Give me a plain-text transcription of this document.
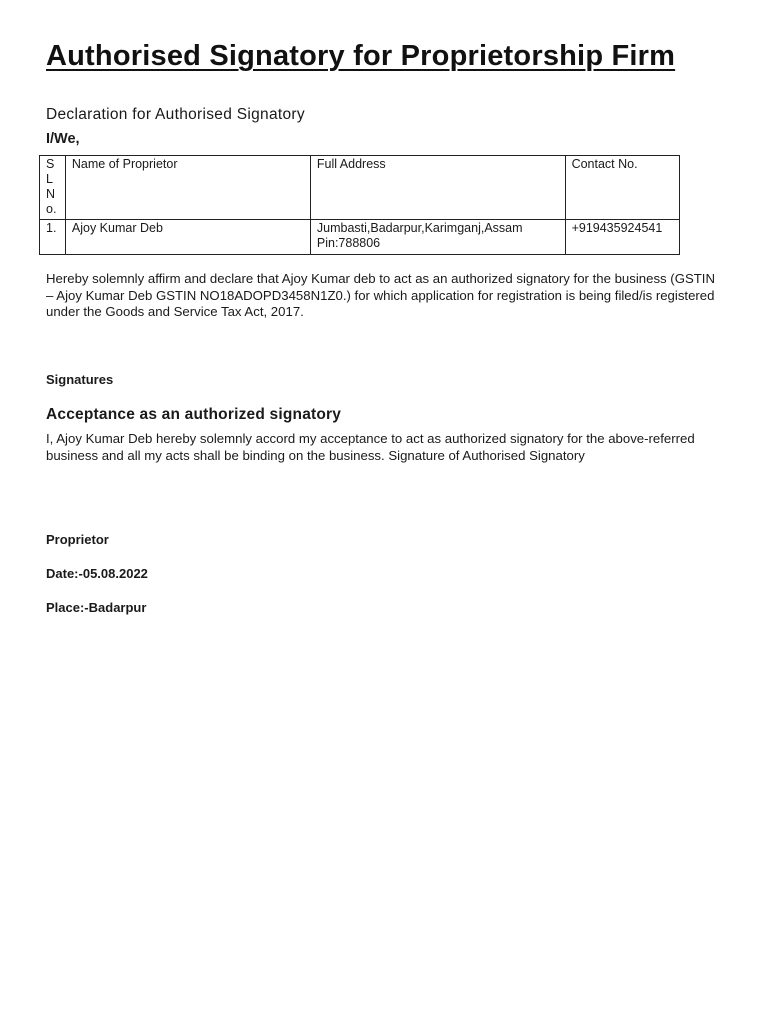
Authorised Signatory for Proprietorship Firm
Declaration for Authorised Signatory
I/We,
SL No.	Name of Proprietor	Full Address	Contact No.
1.	Ajoy Kumar Deb	Jumbasti,Badarpur,Karimganj,Assam Pin:788806	+919435924541

Hereby solemnly affirm and declare that Ajoy Kumar deb to act as an authorized signatory for the business (GSTIN – Ajoy Kumar Deb GSTIN NO18ADOPD3458N1Z0.) for which application for registration is being filed/is registered under the Goods and Service Tax Act, 2017.

Signatures
Acceptance as an authorized signatory

I, Ajoy Kumar Deb hereby solemnly accord my acceptance to act as authorized signatory for the above-referred business and all my acts shall be binding on the business. Signature of Authorised Signatory

Proprietor
Date:-05.08.2022
Place:-Badarpur
